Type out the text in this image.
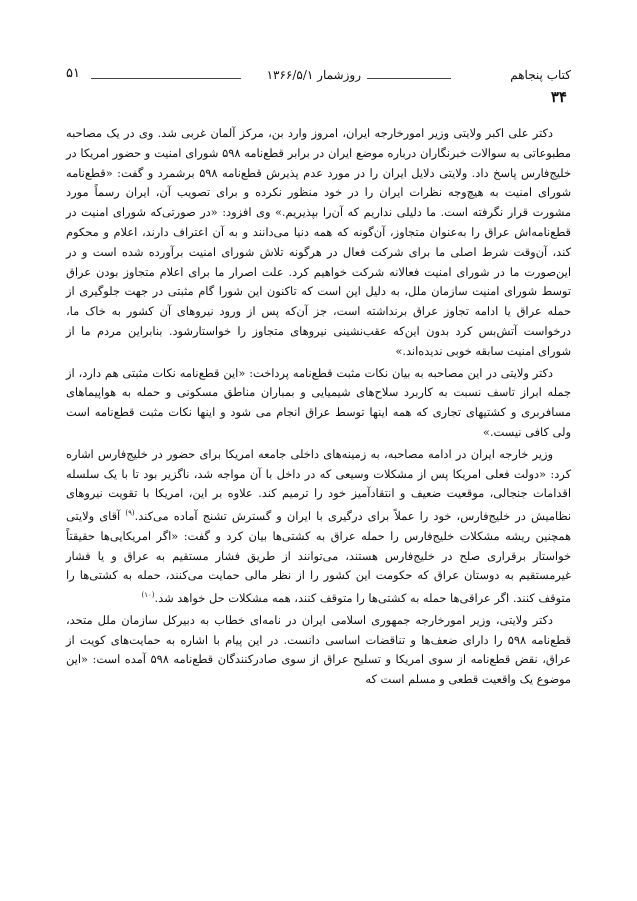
کتاب پنجاهم
۳۴
روزشمار ۱۳۶۶/۵/۱
۵۱

دکتر علی اکبر ولایتی وزیر امورخارجه ایران، امروز وارد بن، مرکز آلمان غربی شد. وی در یک مصاحبه مطبوعاتی به سوالات خبرنگاران درباره موضع ایران در برابر قطع‌نامه ۵۹۸ شورای امنیت و حضور امریکا در خلیج‌فارس پاسخ داد. ولایتی دلایل ایران را در مورد عدم پذیرش قطع‌نامه ۵۹۸ برشمرد و گفت: «قطع‌نامه شورای امنیت به هیچ‌وجه نظرات ایران را در خود منظور نکرده و برای تصویب آن، ایران رسماً مورد مشورت قرار نگرفته است. ما دلیلی نداریم که آن‌را بپذیریم.» وی افزود: «در صورتی‌که شورای امنیت در قطع‌نامه‌اش عراق را به‌عنوان متجاوز، آن‌گونه که همه دنیا می‌دانند و به آن اعتراف دارند، اعلام و محکوم کند، آن‌وقت شرط اصلی ما برای شرکت فعال در هرگونه تلاش شورای امنیت برآورده شده است و در این‌صورت ما در شورای امنیت فعالانه شرکت خواهیم کرد. علت اصرار ما برای اعلام متجاوز بودن عراق توسط شورای امنیت سازمان ملل، به دلیل این است که تاکنون این شورا گام مثبتی در جهت جلوگیری از حمله عراق یا ادامه تجاوز عراق برنداشته است، جز آن‌که پس از ورود نیروهای آن کشور به خاک ما، درخواست آتش‌بس کرد بدون این‌که عقب‌نشینی نیروهای متجاوز را خواستارشود. بنابراین مردم ما از شورای امنیت سابقه خوبی ندیده‌اند.»

دکتر ولایتی در این مصاحبه به بیان نکات مثبت قطع‌نامه پرداخت: «این قطع‌نامه نکات مثبتی هم دارد، از جمله ابراز تاسف نسبت به کاربرد سلاح‌های شیمیایی و بمباران مناطق مسکونی و حمله به هواپیماهای مسافربری و کشتیهای تجاری که همه اینها توسط عراق انجام می شود و اینها نکات مثبت قطع‌نامه است ولی کافی نیست.»

وزیر خارجه ایران در ادامه مصاحبه، به زمینه‌های داخلی جامعه امریکا برای حضور در خلیج‌فارس اشاره کرد: «دولت فعلی امریکا پس از مشکلات وسیعی که در داخل با آن مواجه شد، ناگزیر بود تا با یک سلسله اقدامات جنجالی، موقعیت ضعیف و انتقادآمیز خود را ترمیم کند. علاوه بر این، امریکا با تقویت نیروهای نظامیش در خلیج‌فارس، خود را عملاً برای درگیری با ایران و گسترش تشنج آماده می‌کند.$^{(۹)}$ آقای ولایتی همچنین ریشه مشکلات خلیج‌فارس را حمله عراق به کشتی‌ها بیان کرد و گفت: «اگر امریکایی‌ها حقیقتاً خواستار برقراری صلح در خلیج‌فارس هستند، می‌توانند از طریق فشار مستقیم به عراق و یا فشار غیرمستقیم به دوستان عراق که حکومت این کشور را از نظر مالی حمایت می‌کنند، حمله به کشتی‌ها را متوقف کنند. اگر عراقی‌ها حمله به کشتی‌ها را متوقف کنند، همه مشکلات حل خواهد شد.$^{(۱۰)}$

دکتر ولایتی، وزیر امورخارجه جمهوری اسلامی ایران در نامه‌ای خطاب به دبیرکل سازمان ملل متحد، قطع‌نامه ۵۹۸ را دارای ضعف‌ها و تناقضات اساسی دانست. در این پیام با اشاره به حمایت‌های کویت از عراق، نقض قطع‌نامه از سوی امریکا و تسلیح عراق از سوی صادرکنندگان قطع‌نامه ۵۹۸ آمده است: «این موضوع یک واقعیت قطعی و مسلم است که
